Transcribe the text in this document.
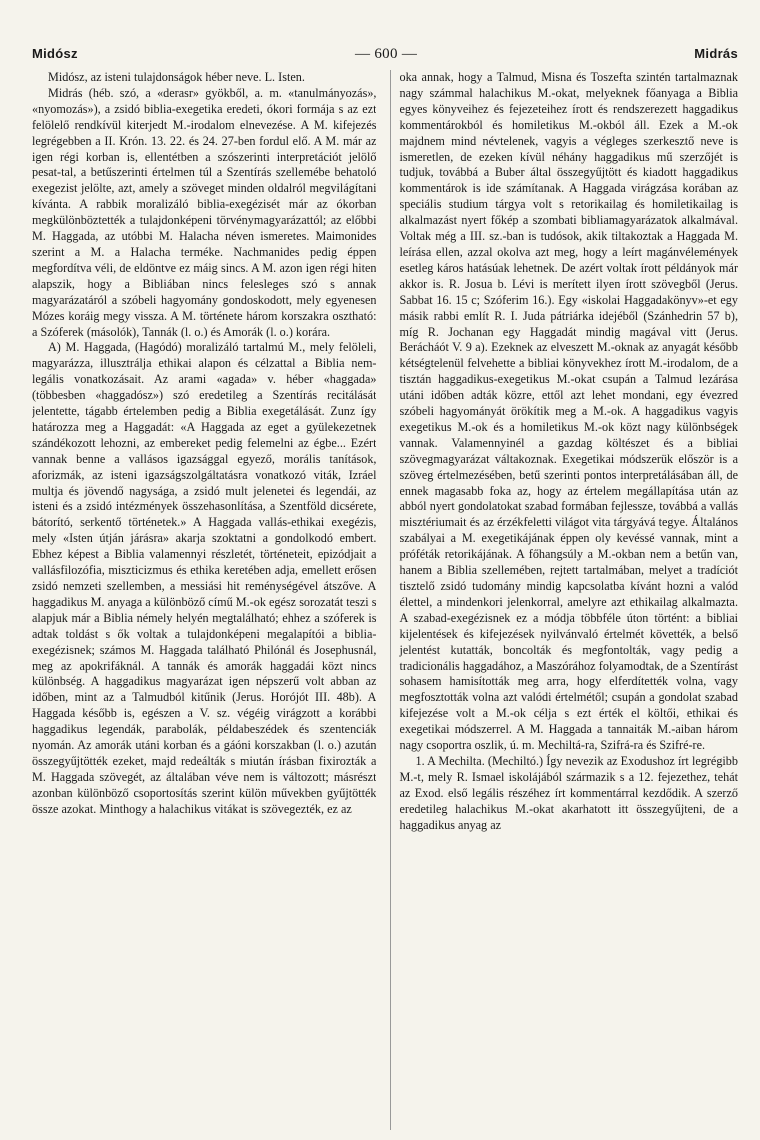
Midósz	— 600 —	Midrás

Midósz, az isteni tulajdonságok héber neve. L. Isten.

Midrás (héb. szó, a «derasr» gyökből, a. m. «tanulmányozás», «nyomozás»), a zsidó biblia-exegetika eredeti, ókori formája s az ezt felölelő rendkívül kiterjedt M.-irodalom elnevezése. A M. kifejezés legrégebben a II. Krón. 13. 22. és 24. 27-ben fordul elő. A M. már az igen régi korban is, ellentétben a szószerinti interpretációt jelölő pesat-tal, a betűszerinti értelmen túl a Szentírás szellemébe behatoló exegezist jelölte, azt, amely a szöveget minden oldalról megvilágítani kívánta. A rabbik moralizáló biblia-exegézisét már az ókorban megkülönböztették a tulajdonképeni törvénymagyarázattól; az előbbi M. Haggada, az utóbbi M. Halacha néven ismeretes. Maimonides szerint a M. a Halacha terméke. Nachmanides pedig éppen megfordítva véli, de eldöntve ez máig sincs. A M. azon igen régi hiten alapszik, hogy a Bibliában nincs felesleges szó s annak magyarázatáról a szóbeli hagyomány gondoskodott, mely egyenesen Mózes koráig megy vissza. A M. története három korszakra osztható: a Szóferek (másolók), Tannák (l. o.) és Amorák (l. o.) korára.

A) M. Haggada, (Hagódó) moralizáló tartalmú M., mely felöleli, magyarázza, illusztrálja ethikai alapon és célzattal a Biblia nem-legális vonatkozásait. Az arami «agada» v. héber «haggada» (többesben «haggadósz») szó eredetileg a Szentírás recitálását jelentette, tágabb értelemben pedig a Biblia exegetálását. Zunz így határozza meg a Haggadát: «A Haggada az eget a gyülekezetnek szándékozott lehozni, az embereket pedig felemelni az égbe... Ezért vannak benne a vallásos igazsággal egyező, morális tanítások, aforizmák, az isteni igazságszolgáltatásra vonatkozó viták, Izráel multja és jövendő nagysága, a zsidó mult jelenetei és legendái, az isteni és a zsidó intézmények összehasonlítása, a Szentföld dicsérete, bátorító, serkentő történetek.» A Haggada vallás-ethikai exegézis, mely «Isten útján járásra» akarja szoktatni a gondolkodó embert. Ebhez képest a Biblia valamennyi részletét, történeteit, epizódjait a vallásfilozófia, miszticizmus és ethika keretében adja, emellett erősen zsidó nemzeti szellemben, a messiási hit reménységével átszőve. A haggadikus M. anyaga a különböző című M.-ok egész sorozatát teszi s alapjuk már a Biblia némely helyén megtalálható; ehhez a szóferek is adtak toldást s ők voltak a tulajdonképeni megalapítói a biblia-exegézisnek; számos M. Haggada található Philónál és Josephusnál, meg az apokrifáknál. A tannák és amorák haggadái közt nincs különbség. A haggadikus magyarázat igen népszerű volt abban az időben, mint az a Talmudból kitűnik (Jerus. Horójót III. 48b). A Haggada később is, egészen a V. sz. végéig virágzott a korábbi haggadikus legendák, parabolák, példabeszédek és szentenciák nyomán. Az amorák utáni korban és a gáóni korszakban (l. o.) azután összegyűjtötték ezeket, majd redeálták s miután írásban fixirozták a M. Haggada szövegét, az általában véve nem is változott; másrészt azonban különböző csoportosítás szerint külön művekben gyűjtötték össze azokat. Minthogy a halachikus vitákat is szövegezték, ez az

oka annak, hogy a Talmud, Misna és Toszefta szintén tartalmaznak nagy számmal halachikus M.-okat, melyeknek főanyaga a Biblia egyes könyveihez és fejezeteihez írott és rendszerezett haggadikus kommentárokból és homiletikus M.-okból áll. Ezek a M.-ok majdnem mind névtelenek, vagyis a végleges szerkesztő neve is ismeretlen, de ezeken kívül néhány haggadikus mű szerzőjét is tudjuk, továbbá a Buber által összegyűjtött és kiadott haggadikus kommentárok is ide számítanak. A Haggada virágzása korában az speciális studium tárgya volt s retorikailag és homiletikailag is alkalmazást nyert főkép a szombati bibliamagyarázatok alkalmával. Voltak még a III. sz.-ban is tudósok, akik tiltakoztak a Haggada M. leírása ellen, azzal okolva azt meg, hogy a leírt magánvélemények esetleg káros hatásúak lehetnek. De azért voltak írott példányok már akkor is. R. Josua b. Lévi is merített ilyen írott szövegből (Jerus. Sabbat 16. 15 c; Szóferim 16.). Egy «iskolai Haggadakönyv»-et egy másik rabbi említ R. I. Juda pátriárka idejéből (Szánhedrin 57 b), míg R. Jochanan egy Haggadát mindig magával vitt (Jerus. Berácháót V. 9 a). Ezeknek az elveszett M.-oknak az anyagát később kétségtelenül felvehette a bibliai könyvekhez írott M.-irodalom, de a tisztán haggadikus-exegetikus M.-okat csupán a Talmud lezárása utáni időben adták közre, ettől azt lehet mondani, egy évezred szóbeli hagyományát örökítik meg a M.-ok. A haggadikus vagyis exegetikus M.-ok és a homiletikus M.-ok közt nagy különbségek vannak. Valamennyinél a gazdag költészet és a bibliai szövegmagyarázat váltakoznak. Exegetikai módszerük először is a szöveg értelmezésében, betű szerinti pontos interpretálásában áll, de ennek magasabb foka az, hogy az értelem megállapítása után az abból nyert gondolatokat szabad formában fejlessze, továbbá a vallás misztériumait és az érzékfeletti világot vita tárgyává tegye. Általános szabályai a M. exegetikájának éppen oly kevéssé vannak, mint a próféták retorikájának. A főhangsúly a M.-okban nem a betűn van, hanem a Biblia szellemében, rejtett tartalmában, melyet a tradíciót tisztelő zsidó tudomány mindig kapcsolatba kívánt hozni a valód élettel, a mindenkori jelenkorral, amelyre azt ethikailag alkalmazta. A szabad-exegézisnek ez a módja többféle úton történt: a bibliai kijelentések és kifejezések nyilvánvaló értelmét követték, a belső jelentést kutatták, boncolták és megfontolták, vagy pedig a tradicionális haggadához, a Maszórához folyamodtak, de a Szentírást sohasem hamisították meg arra, hogy elferdítették volna, vagy megfosztották volna azt valódi értelmétől; csupán a gondolat szabad kifejezése volt a M.-ok célja s ezt érték el költői, ethikai és exegetikai módszerrel. A M. Haggada a tannaiták M.-aiban három nagy csoportra oszlik, ú. m. Mechiltá-ra, Szifrá-ra és Szifré-re.

1. A Mechilta. (Mechiltó.) Így nevezik az Exodushoz írt legrégibb M.-t, mely R. Ismael iskolájából származik s a 12. fejezethez, tehát az Exod. első legális részéhez írt kommentárral kezdődik. A szerző eredetileg halachikus M.-okat akarhatott itt összegyűjteni, de a haggadikus anyag az
